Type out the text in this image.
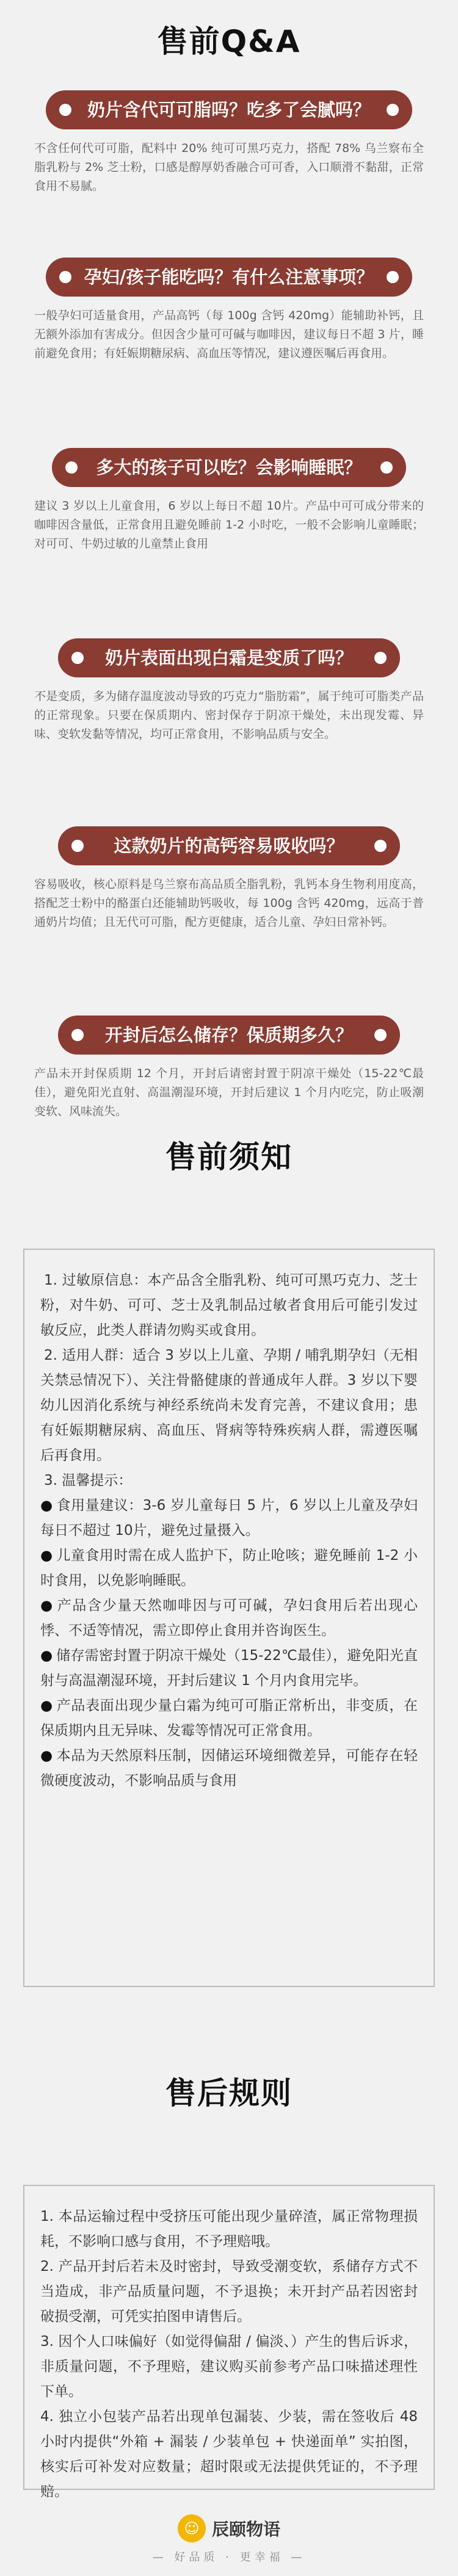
售前Q&A
奶片含代可可脂吗？吃多了会腻吗？
不含任何代可可脂，配料中 20% 纯可可黑巧克力，搭配 78% 乌兰察布全脂乳粉与 2% 芝士粉，口感是醇厚奶香融合可可香，入口顺滑不黏甜，正常食用不易腻。
孕妇/孩子能吃吗？有什么注意事项？
一般孕妇可适量食用，产品高钙（每 100g 含钙 420mg）能辅助补钙，且无额外添加有害成分。但因含少量可可碱与咖啡因，建议每日不超 3 片，睡前避免食用；有妊娠期糖尿病、高血压等情况，建议遵医嘱后再食用。
多大的孩子可以吃？会影响睡眠？
建议 3 岁以上儿童食用，6 岁以上每日不超 10片。产品中可可成分带来的咖啡因含量低，正常食用且避免睡前 1-2 小时吃，一般不会影响儿童睡眠；对可可、牛奶过敏的儿童禁止食用
奶片表面出现白霜是变质了吗？
不是变质，多为储存温度波动导致的巧克力“脂肪霜”，属于纯可可脂类产品的正常现象。只要在保质期内、密封保存于阴凉干燥处，未出现发霉、异味、变软发黏等情况，均可正常食用，不影响品质与安全。
这款奶片的高钙容易吸收吗？
容易吸收，核心原料是乌兰察布高品质全脂乳粉，乳钙本身生物利用度高，搭配芝士粉中的酪蛋白还能辅助钙吸收，每 100g 含钙 420mg，远高于普通奶片均值；且无代可可脂，配方更健康，适合儿童、孕妇日常补钙。
开封后怎么储存？保质期多久？
产品未开封保质期 12 个月，开封后请密封置于阴凉干燥处（15-22℃最佳），避免阳光直射、高温潮湿环境，开封后建议 1 个月内吃完，防止吸潮变软、风味流失。
售前须知
1. 过敏原信息：本产品含全脂乳粉、纯可可黑巧克力、芝士粉，对牛奶、可可、芝士及乳制品过敏者食用后可能引发过敏反应，此类人群请勿购买或食用。
2. 适用人群：适合 3 岁以上儿童、孕期 / 哺乳期孕妇（无相关禁忌情况下）、关注骨骼健康的普通成年人群。3 岁以下婴幼儿因消化系统与神经系统尚未发育完善，不建议食用；患有妊娠期糖尿病、高血压、肾病等特殊疾病人群，需遵医嘱后再食用。
3. 温馨提示：
● 食用量建议：3-6 岁儿童每日 5 片，6 岁以上儿童及孕妇每日不超过 10片，避免过量摄入。
● 儿童食用时需在成人监护下，防止呛咳；避免睡前 1-2 小时食用，以免影响睡眠。
● 产品含少量天然咖啡因与可可碱，孕妇食用后若出现心悸、不适等情况，需立即停止食用并咨询医生。
● 储存需密封置于阴凉干燥处（15-22℃最佳），避免阳光直射与高温潮湿环境，开封后建议 1 个月内食用完毕。
● 产品表面出现少量白霜为纯可可脂正常析出，非变质，在保质期内且无异味、发霉等情况可正常食用。
● 本品为天然原料压制，因储运环境细微差异，可能存在轻微硬度波动，不影响品质与食用
售后规则
1. 本品运输过程中受挤压可能出现少量碎渣，属正常物理损耗，不影响口感与食用，不予理赔哦。
2. 产品开封后若未及时密封，导致受潮变软，系储存方式不当造成，非产品质量问题，不予退换；未开封产品若因密封破损受潮，可凭实拍图申请售后。
3. 因个人口味偏好（如觉得偏甜 / 偏淡、）产生的售后诉求，非质量问题，不予理赔，建议购买前参考产品口味描述理性下单。
4. 独立小包装产品若出现单包漏装、少装，需在签收后 48 小时内提供“外箱 + 漏装 / 少装单包 + 快递面单” 实拍图，核实后可补发对应数量；超时限或无法提供凭证的，不予理赔。
☺ 辰颐物语
— 好品质 · 更幸福 —
